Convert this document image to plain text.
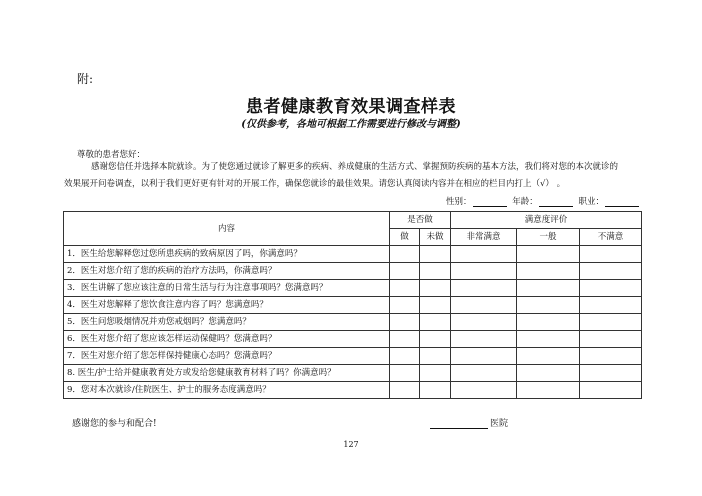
附:
患者健康教育效果调查样表
(仅供参考，各地可根据工作需要进行修改与调整)
尊敬的患者您好：
感谢您信任并选择本院就诊。为了使您通过就诊了解更多的疾病、养成健康的生活方式、掌握预防疾病的基本方法，我们将对您的本次就诊的
效果展开问卷调查，以利于我们更好更有针对的开展工作，确保您就诊的最佳效果。请您认真阅读内容并在相应的栏目内打上（√） 。
性别：	年龄：	职业：
内容	是否做		满意度评价		
	做	未做	非常满意	一般	不满意
1．医生给您解释您过您所患疾病的致病原因了吗，你满意吗？					
2．医生对您介绍了您的疾病的治疗方法吗，你满意吗？					
3．医生讲解了您应该注意的日常生活与行为注意事项吗？您满意吗？					
4．医生对您解释了您饮食注意内容了吗？您满意吗？					
5．医生问您吸烟情况并劝您戒烟吗？您满意吗？					
6．医生对您介绍了您应该怎样运动保健吗？您满意吗？					
7．医生对您介绍了您怎样保持健康心态吗？您满意吗？					
8. 医生/护士给并健康教育处方或发给您健康教育材料了吗？你满意吗？					
9．您对本次就诊/住院医生、护士的服务态度满意吗？					
感谢您的参与和配合!	医院
127
